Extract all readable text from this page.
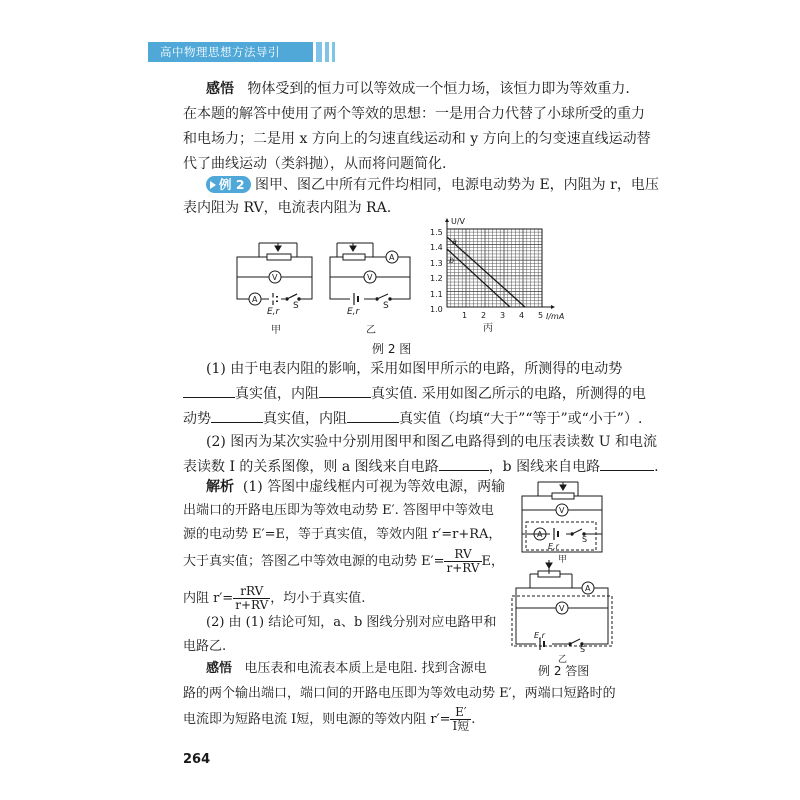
高中物理思想方法导引
感悟 物体受到的恒力可以等效成一个恒力场，该恒力即为等效重力.
在本题的解答中使用了两个等效的思想：一是用合力代替了小球所受的重力
和电场力；二是用 x 方向上的匀速直线运动和 y 方向上的匀变速直线运动替
代了曲线运动（类斜抛），从而将问题简化.
例 2 图甲、图乙中所有元件均相同，电源电动势为 E，内阻为 r，电压
表内阻为 RV，电流表内阻为 RA.
V
A
E,r
S
甲
A
V
E,r
S
乙
U/V
1.5
1.4
1.3
1.2
1.1
1.0
1 2 3 4 5 I/mA
a
b
丙
例 2 图
(1) 由于电表内阻的影响，采用如图甲所示的电路，所测得的电动势
真实值，内阻	真实值. 采用如图乙所示的电路，所测得的电
动势	真实值，内阻	真实值（均填“大于”“等于”或“小于”）.
(2) 图丙为某次实验中分别用图甲和图乙电路得到的电压表读数 U 和电流
表读数 I 的关系图像，则 a 图线来自电路	，b 图线来自电路	.
解析 (1) 答图中虚线框内可视为等效电源，两输
出端口的开路电压即为等效电动势 E′. 答图甲中等效电
源的电动势 E′=E，等于真实值，等效内阻 r′=r+RA，
大于真实值；答图乙中等效电源的电动势 $E'= \frac{RV}{r+RV}$ E，
内阻 $r'= \frac{\text{rRV}}{r+RV}$ ，均小于真实值.
(2) 由 (1) 结论可知，a、b 图线分别对应电路甲和
电路乙.
V
A
E,r
S
甲
A
V
E,r
S
乙
例 2 答图
感悟 电压表和电流表本质上是电阻. 找到含源电
路的两个输出端口，端口间的开路电压即为等效电动势 E′，两端口短路时的
电流即为短路电流 I短，则电源的等效内阻 $r'= \frac{E'}{\text{I短}}$ .
264
